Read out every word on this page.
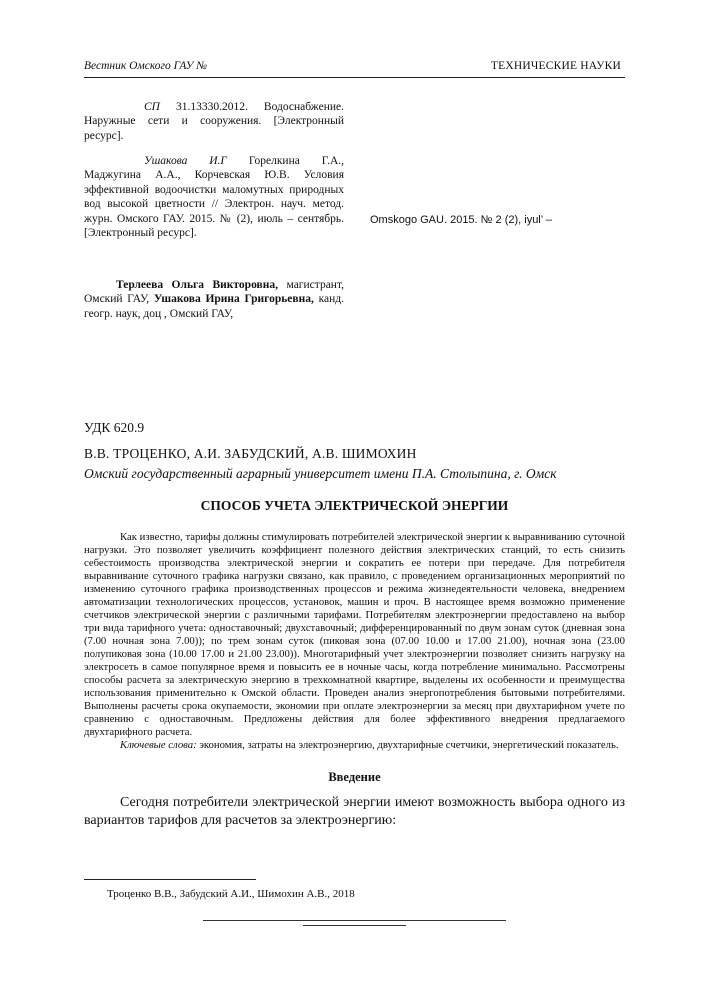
Вестник Омского ГАУ №	ТЕХНИЧЕСКИЕ НАУКИ
СП 31.13330.2012. Водоснабжение. Наружные сети и сооружения. [Электронный ресурс].
Ушакова И.Г Горелкина Г.А., Маджугина А.А., Корчевская Ю.В. Условия эффективной водоочистки маломутных природных вод высокой цветности // Электрон. науч. метод. журн. Омского ГАУ. 2015. № (2), июль – сентябрь. [Электронный ресурс].
Omskogo GAU. 2015. № 2 (2), iyul’ –
Терлеева Ольга Викторовна, магистрант, Омский ГАУ, Ушакова Ирина Григорьевна, канд. геогр. наук, доц , Омский ГАУ,
УДК 620.9
В.В. ТРОЦЕНКО, А.И. ЗАБУДСКИЙ, А.В. ШИМОХИН
Омский государственный аграрный университет имени П.А. Столыпина, г. Омск
СПОСОБ УЧЕТА ЭЛЕКТРИЧЕСКОЙ ЭНЕРГИИ

Как известно, тарифы должны стимулировать потребителей электрической энергии к выравниванию суточной нагрузки. Это позволяет увеличить коэффициент полезного действия электрических станций, то есть снизить себестоимость производства электрической энергии и сократить ее потери при передаче. Для потребителя выравнивание суточного графика нагрузки связано, как правило, с проведением организационных мероприятий по изменению суточного графика производственных процессов и режима жизнедеятельности человека, внедрением автоматизации технологических процессов, установок, машин и проч. В настоящее время возможно применение счетчиков электрической энергии с различными тарифами. Потребителям электроэнергии предоставлено на выбор три вида тарифного учета: одноставочный; двухставочный; дифференцированный по двум зонам суток (дневная зона (7.00 ночная зона 7.00)); по трем зонам суток (пиковая зона (07.00 10.00 и 17.00 21.00), ночная зона (23.00 полупиковая зона (10.00 17.00 и 21.00 23.00)). Многотарифный учет электроэнергии позволяет снизить нагрузку на электросеть в самое популярное время и повысить ее в ночные часы, когда потребление минимально. Рассмотрены способы расчета за электрическую энергию в трехкомнатной квартире, выделены их особенности и преимущества использования применительно к Омской области. Проведен анализ энергопотребления бытовыми потребителями. Выполнены расчеты срока окупаемости, экономии при оплате электроэнергии за месяц при двухтарифном учете по сравнению с одноставочным. Предложены действия для более эффективного внедрения предлагаемого двухтарифного расчета.

Ключевые слова: экономия, затраты на электроэнергию, двухтарифные счетчики, энергетический показатель.

Введение
Сегодня потребители электрической энергии имеют возможность выбора одного из вариантов тарифов для расчетов за электроэнергию:
Троценко В.В., Забудский А.И., Шимохин А.В., 2018
